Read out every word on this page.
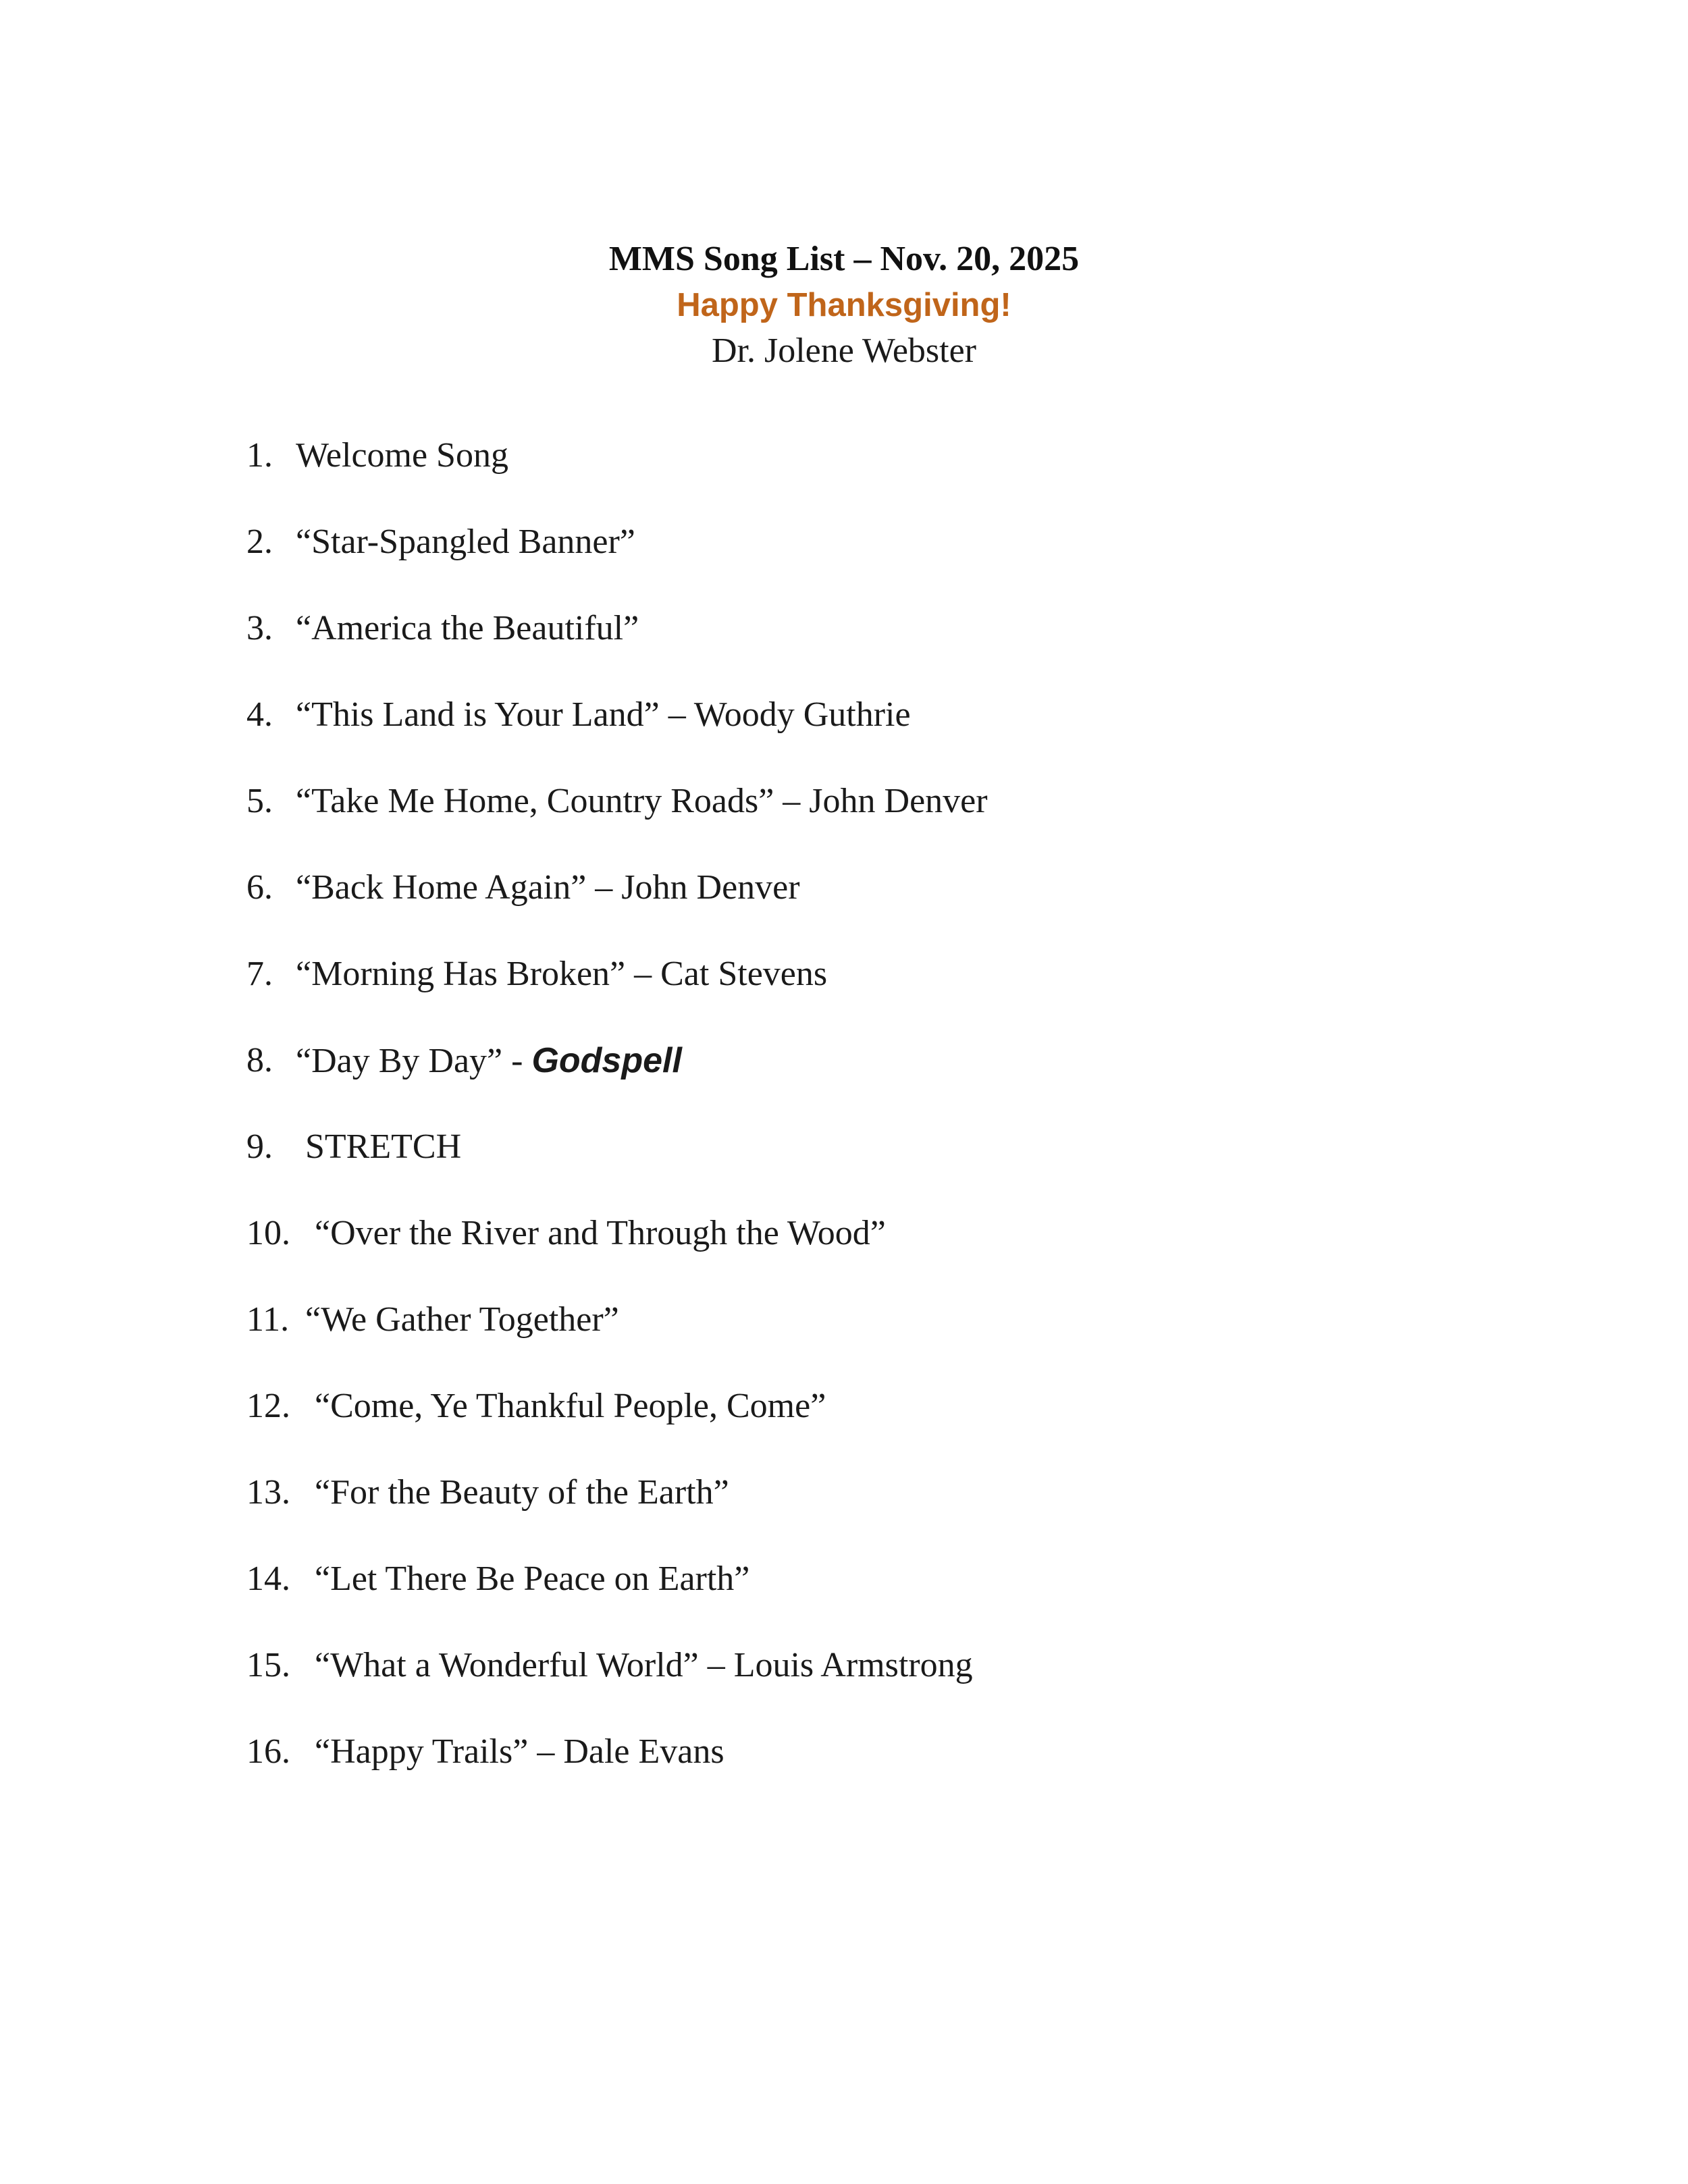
MMS Song List – Nov. 20, 2025
Happy Thanksgiving!
Dr. Jolene Webster
1. Welcome Song
2. “Star-Spangled Banner”
3. “America the Beautiful”
4. “This Land is Your Land” – Woody Guthrie
5. “Take Me Home, Country Roads” – John Denver
6. “Back Home Again” – John Denver
7. “Morning Has Broken” – Cat Stevens
8. “Day By Day” - Godspell
9. STRETCH
10. “Over the River and Through the Wood”
11. “We Gather Together”
12. “Come, Ye Thankful People, Come”
13. “For the Beauty of the Earth”
14. “Let There Be Peace on Earth”
15. “What a Wonderful World” – Louis Armstrong
16. “Happy Trails” – Dale Evans
